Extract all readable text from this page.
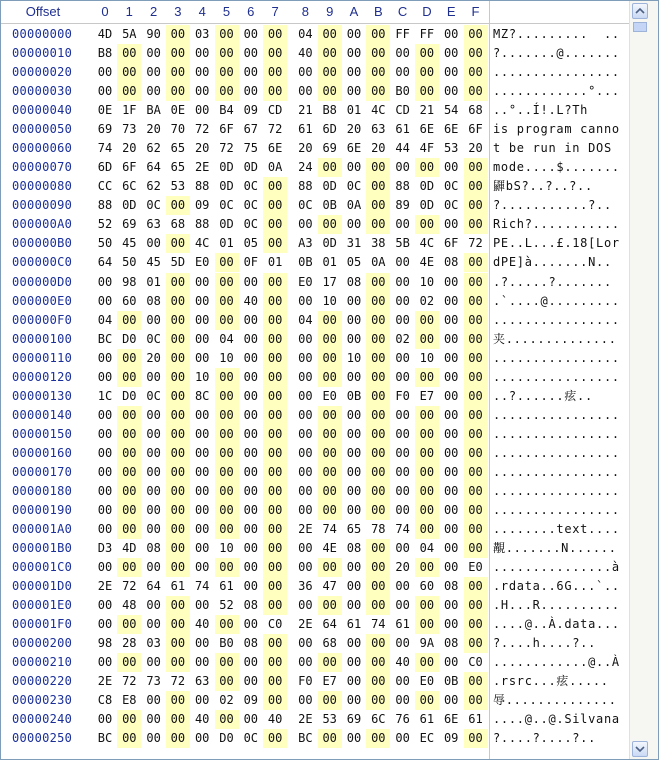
Offset	0	1	2	3	4	5	6	7	8	9	A	B	C	D	E	F
00000000	4D 5A 90 00 03 00 00 00	04 00 00 00 FF FF 00 00 MZ?.........  ..
00000010	B8 00 00 00 00 00 00 00	40 00 00 00 00 00 00 00 ?.......@.......
00000020	00 00 00 00 00 00 00 00	00 00 00 00 00 00 00 00 ................
00000030	00 00 00 00 00 00 00 00	00 00 00 00 B0 00 00 00 ............°...
00000040	0E 1F BA 0E 00 B4 09 CD	21 B8 01 4C CD 21 54 68 ..°..Í!.L?Th
00000050	69 73 20 70 72 6F 67 72	61 6D 20 63 61 6E 6E 6F is program canno
00000060	74 20 62 65 20 72 75 6E	20 69 6E 20 44 4F 53 20 t be run in DOS
00000070	6D 6F 64 65 2E 0D 0D 0A	24 00 00 00 00 00 00 00 mode....$.......
00000080	CC 6C 62 53 88 0D 0C 00	88 0D 0C 00 88 0D 0C 00 鼲bS?..?..?..
00000090	88 0D 0C 00 09 0C 0C 00	0C 0B 0A 00 89 0D 0C 00 ?...........?..
000000A0	52 69 63 68 88 0D 0C 00	00 00 00 00 00 00 00 00 Rich?...........
000000B0	50 45 00 00 4C 01 05 00	A3 0D 31 38 5B 4C 6F 72 PE..L...£.18[Lor
000000C0	64 50 45 5D E0 00 0F 01	0B 01 05 0A 00 4E 08 00 dPE]à.......N..
000000D0	00 98 01 00 00 00 00 00	E0 17 08 00 00 10 00 00 .?.....?.......
000000E0	00 60 08 00 00 00 40 00	00 10 00 00 00 02 00 00 .`....@.........
000000F0	04 00 00 00 00 00 00 00	04 00 00 00 00 00 00 00 ................
00000100	BC D0 0C 00 00 04 00 00	00 00 00 00 02 00 00 00 夹..............
00000110	00 00 20 00 00 10 00 00	00 00 10 00 00 10 00 00 ................
00000120	00 00 00 00 10 00 00 00	00 00 00 00 00 00 00 00 ................
00000130	1C D0 0C 00 8C 00 00 00	00 E0 0B 00 F0 E7 00 00 ..?......痃..
00000140	00 00 00 00 00 00 00 00	00 00 00 00 00 00 00 00 ................
00000150	00 00 00 00 00 00 00 00	00 00 00 00 00 00 00 00 ................
00000160	00 00 00 00 00 00 00 00	00 00 00 00 00 00 00 00 ................
00000170	00 00 00 00 00 00 00 00	00 00 00 00 00 00 00 00 ................
00000180	00 00 00 00 00 00 00 00	00 00 00 00 00 00 00 00 ................
00000190	00 00 00 00 00 00 00 00	00 00 00 00 00 00 00 00 ................
000001A0	00 00 00 00 00 00 00 00	2E 74 65 78 74 00 00 00 ........text....
000001B0	D3 4D 08 00 00 10 00 00	00 4E 08 00 00 04 00 00 覯.......N......
000001C0	00 00 00 00 00 00 00 00	00 00 00 00 20 00 00 E0 ...............à
000001D0	2E 72 64 61 74 61 00 00	36 47 00 00 00 60 08 00 .rdata..6G...`..
000001E0	00 48 00 00 00 52 08 00	00 00 00 00 00 00 00 00 .H...R..........
000001F0	00 00 00 00 40 00 00 C0	2E 64 61 74 61 00 00 00 ....@..À.data...
00000200	98 28 03 00 00 B0 08 00	00 68 00 00 00 9A 08 00 ?....h....?..
00000210	00 00 00 00 00 00 00 00	00 00 00 00 40 00 00 C0 ............@..À
00000220	2E 72 73 72 63 00 00 00	F0 E7 00 00 00 E0 0B 00 .rsrc...痃.....
00000230	C8 E8 00 00 00 02 09 00	00 00 00 00 00 00 00 00 辱..............
00000240	00 00 00 00 40 00 00 40	2E 53 69 6C 76 61 6E 61 ....@..@.Silvana
00000250	BC 00 00 00 00 D0 0C 00	BC 00 00 00 00 EC 09 00 ?....?....?..
